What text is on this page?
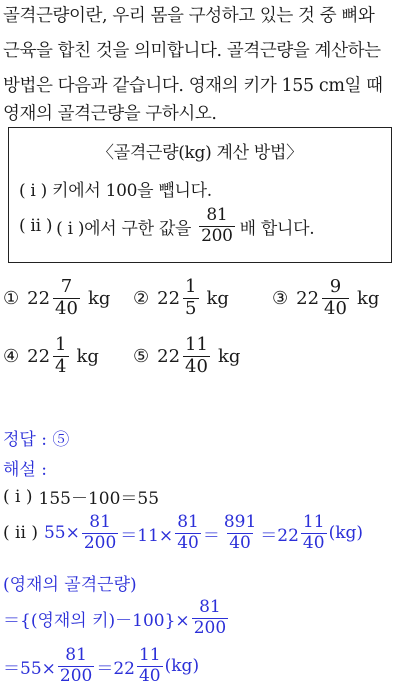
골격근량이란, 우리 몸을 구성하고 있는 것 중 뼈와
근육을 합친 것을 의미합니다. 골격근량을 계산하는
방법은 다음과 같습니다. 영재의 키가 155 cm일 때
영재의 골격근량을 구하시오.
〈골격근량(kg) 계산 방법〉
( i ) 키에서 100을 뺍니다.
( ii ) ( i )에서 구한 값을 $\frac{81}{200}$ 배 합니다.
① $22 \frac{7}{40}$ kg ② $22 \frac{1}{5}$ kg ③ $22 \frac{9}{40}$ kg
④ $22 \frac{1}{4}$ kg ⑤ $22 \frac{11}{40}$ kg
정답 : ⑤
해설 :
( i ) 155－100＝55
( ii ) $55\times \frac{81}{200} =11\times \frac{81}{40} = \frac{891}{40} =22 \frac{11}{40} (kg)$
(영재의 골격근량)
＝{(영재의 키)$-100\}\times \frac{81}{200}$
$=55\times \frac{81}{200} =22 \frac{11}{40} (kg)$
